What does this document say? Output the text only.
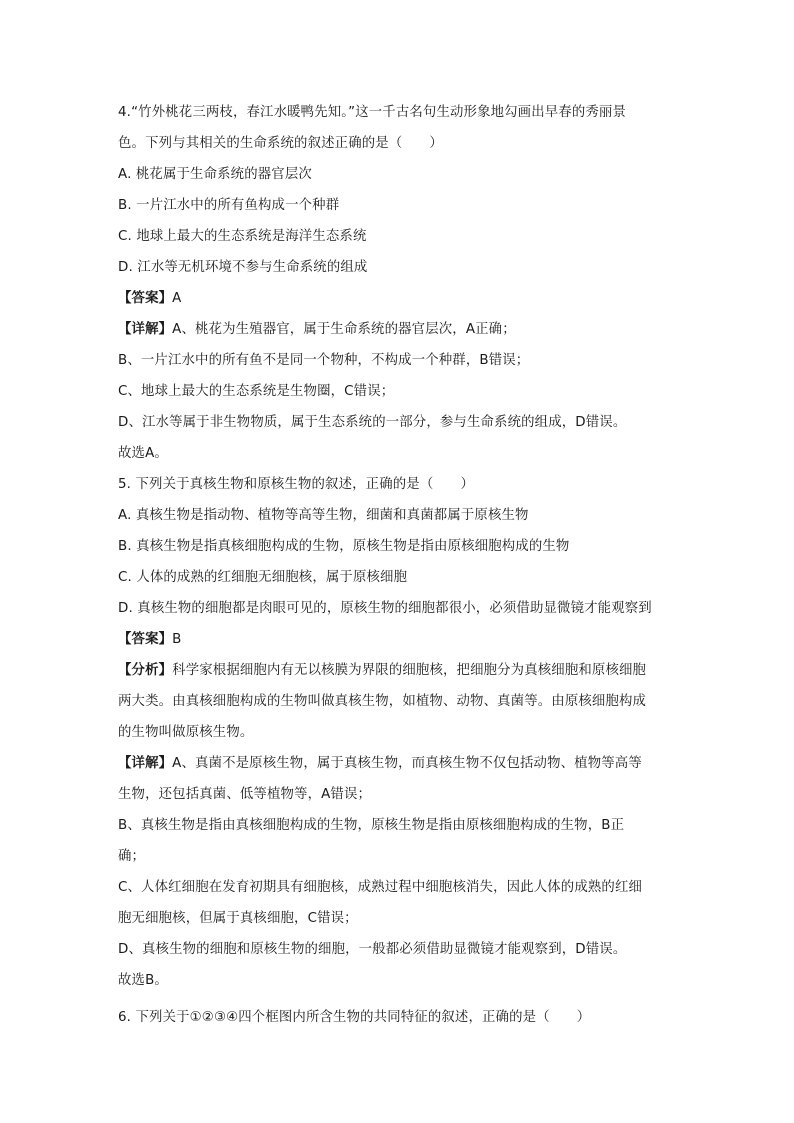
4.“竹外桃花三两枝，春江水暖鸭先知。”这一千古名句生动形象地勾画出早春的秀丽景
色。下列与其相关的生命系统的叙述正确的是（　　）
A. 桃花属于生命系统的器官层次
B. 一片江水中的所有鱼构成一个种群
C. 地球上最大的生态系统是海洋生态系统
D. 江水等无机环境不参与生命系统的组成
【答案】A
【详解】A、桃花为生殖器官，属于生命系统的器官层次，A正确；
B、一片江水中的所有鱼不是同一个物种，不构成一个种群，B错误；
C、地球上最大的生态系统是生物圈，C错误；
D、江水等属于非生物物质，属于生态系统的一部分，参与生命系统的组成，D错误。
故选A。
5. 下列关于真核生物和原核生物的叙述，正确的是（　　）
A. 真核生物是指动物、植物等高等生物，细菌和真菌都属于原核生物
B. 真核生物是指真核细胞构成的生物，原核生物是指由原核细胞构成的生物
C. 人体的成熟的红细胞无细胞核，属于原核细胞
D. 真核生物的细胞都是肉眼可见的，原核生物的细胞都很小，必须借助显微镜才能观察到
【答案】B
【分析】科学家根据细胞内有无以核膜为界限的细胞核，把细胞分为真核细胞和原核细胞
两大类。由真核细胞构成的生物叫做真核生物，如植物、动物、真菌等。由原核细胞构成
的生物叫做原核生物。
【详解】A、真菌不是原核生物，属于真核生物，而真核生物不仅包括动物、植物等高等
生物，还包括真菌、低等植物等，A错误；
B、真核生物是指由真核细胞构成的生物，原核生物是指由原核细胞构成的生物，B正
确；
C、人体红细胞在发育初期具有细胞核，成熟过程中细胞核消失，因此人体的成熟的红细
胞无细胞核，但属于真核细胞，C错误；
D、真核生物的细胞和原核生物的细胞，一般都必须借助显微镜才能观察到，D错误。
故选B。
6. 下列关于①②③④四个框图内所含生物的共同特征的叙述，正确的是（　　）
